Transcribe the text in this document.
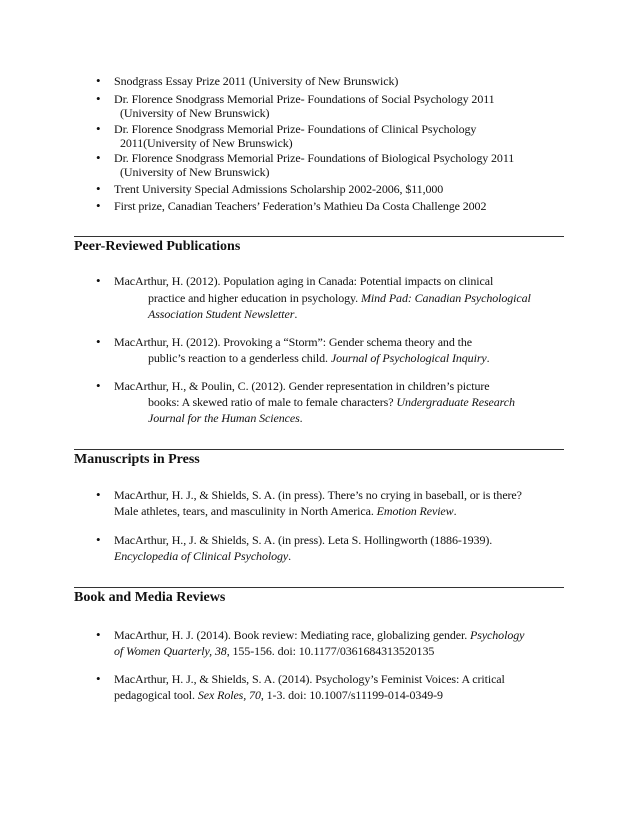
• Snodgrass Essay Prize 2011 (University of New Brunswick)
• Dr. Florence Snodgrass Memorial Prize- Foundations of Social Psychology 2011
(University of New Brunswick)
• Dr. Florence Snodgrass Memorial Prize- Foundations of Clinical Psychology
2011(University of New Brunswick)
• Dr. Florence Snodgrass Memorial Prize- Foundations of Biological Psychology 2011
(University of New Brunswick)
• Trent University Special Admissions Scholarship 2002-2006, $11,000
• First prize, Canadian Teachers’ Federation’s Mathieu Da Costa Challenge 2002
Peer-Reviewed Publications
• MacArthur, H. (2012). Population aging in Canada: Potential impacts on clinical
practice and higher education in psychology. Mind Pad: Canadian Psychological
Association Student Newsletter.
• MacArthur, H. (2012). Provoking a “Storm”: Gender schema theory and the
public’s reaction to a genderless child. Journal of Psychological Inquiry.
• MacArthur, H., & Poulin, C. (2012). Gender representation in children’s picture
books: A skewed ratio of male to female characters? Undergraduate Research
Journal for the Human Sciences.
Manuscripts in Press
• MacArthur, H. J., & Shields, S. A. (in press). There’s no crying in baseball, or is there?
Male athletes, tears, and masculinity in North America. Emotion Review.
• MacArthur, H., J. & Shields, S. A. (in press). Leta S. Hollingworth (1886-1939).
Encyclopedia of Clinical Psychology.
Book and Media Reviews
• MacArthur, H. J. (2014). Book review: Mediating race, globalizing gender. Psychology
of Women Quarterly, 38, 155-156. doi: 10.1177/0361684313520135
• MacArthur, H. J., & Shields, S. A. (2014). Psychology’s Feminist Voices: A critical
pedagogical tool. Sex Roles, 70, 1-3. doi: 10.1007/s11199-014-0349-9
